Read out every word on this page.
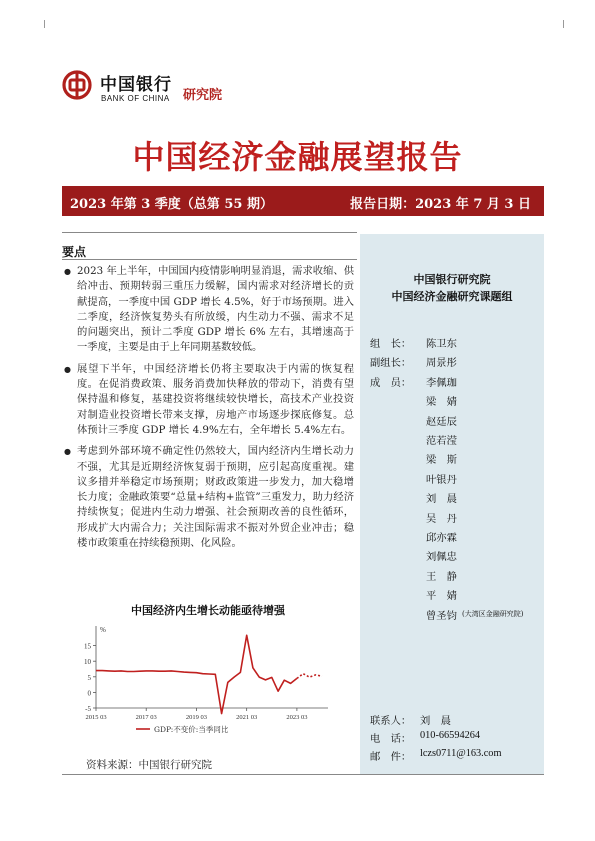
中国银行
BANK OF CHINA 研究院
中国经济金融展望报告
2023 年第 3 季度（总第 55 期）	报告日期：2023 年 7 月 3 日
要点
● 2023 年上半年，中国国内疫情影响明显消退，需求收缩、供给冲击、预期转弱三重压力缓解，国内需求对经济增长的贡献提高，一季度中国 GDP 增长 4.5%，好于市场预期。进入二季度，经济恢复势头有所放缓，内生动力不强、需求不足的问题突出，预计二季度 GDP 增长 6% 左右，其增速高于一季度，主要是由于上年同期基数较低。
● 展望下半年，中国经济增长仍将主要取决于内需的恢复程度。在促消费政策、服务消费加快释放的带动下，消费有望保持温和修复，基建投资将继续较快增长，高技术产业投资对制造业投资增长带来支撑，房地产市场逐步探底修复。总体预计三季度 GDP 增长 4.9%左右，全年增长 5.4%左右。
● 考虑到外部环境不确定性仍然较大，国内经济内生增长动力不强，尤其是近期经济恢复弱于预期，应引起高度重视。建议多措并举稳定市场预期；财政政策进一步发力，加大稳增长力度；金融政策要“总量+结构+监管”三重发力，助力经济持续恢复；促进内生动力增强、社会预期改善的良性循环，形成扩大内需合力；关注国际需求不振对外贸企业冲击；稳楼市政策重在持续稳预期、化风险。
中国经济内生增长动能亟待增强
-5
0
5
10
15
%
2015 03	2017 03	2019 03	2021 03	2023 03
GDP:不变价:当季同比
资料来源：中国银行研究院
中国银行研究院
中国经济金融研究课题组
组　长： 陈卫东
副组长： 周景彤
成　员： 李佩珈
梁　婧
赵廷辰
范若滢
梁　斯
叶银丹
刘　晨
吴　丹
邱亦霖
刘佩忠
王　静
平　婧
曾圣钧 (大湾区金融研究院)
联系人： 刘　晨
电　话： 010-66594264
邮　件： lczs0711@163.com
